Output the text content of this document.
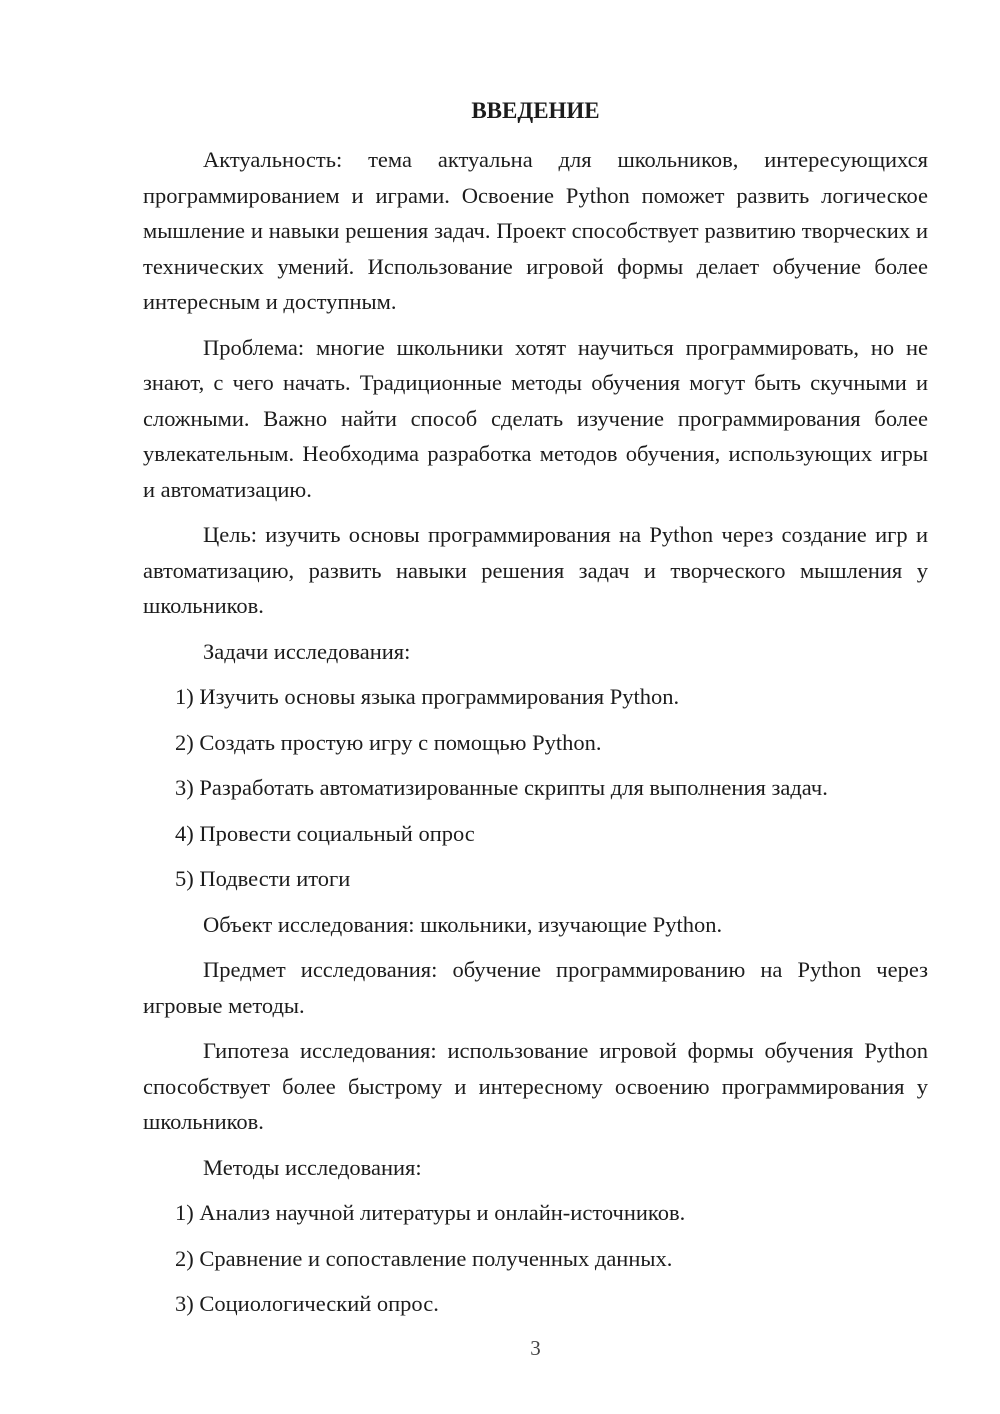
ВВЕДЕНИЕ

Актуальность: тема актуальна для школьников, интересующихся программированием и играми. Освоение Python поможет развить логическое мышление и навыки решения задач. Проект способствует развитию творческих и технических умений. Использование игровой формы делает обучение более интересным и доступным.

Проблема: многие школьники хотят научиться программировать, но не знают, с чего начать. Традиционные методы обучения могут быть скучными и сложными. Важно найти способ сделать изучение программирования более увлекательным. Необходима разработка методов обучения, использующих игры и автоматизацию.

Цель: изучить основы программирования на Python через создание игр и автоматизацию, развить навыки решения задач и творческого мышления у школьников.

Задачи исследования:

1) Изучить основы языка программирования Python.

2) Создать простую игру с помощью Python.

3) Разработать автоматизированные скрипты для выполнения задач.

4) Провести социальный опрос

5) Подвести итоги

Объект исследования: школьники, изучающие Python.

Предмет исследования: обучение программированию на Python через игровые методы.

Гипотеза исследования: использование игровой формы обучения Python способствует более быстрому и интересному освоению программирования у школьников.

Методы исследования:

1) Анализ научной литературы и онлайн-источников.

2) Сравнение и сопоставление полученных данных.

3) Социологический опрос.

3
